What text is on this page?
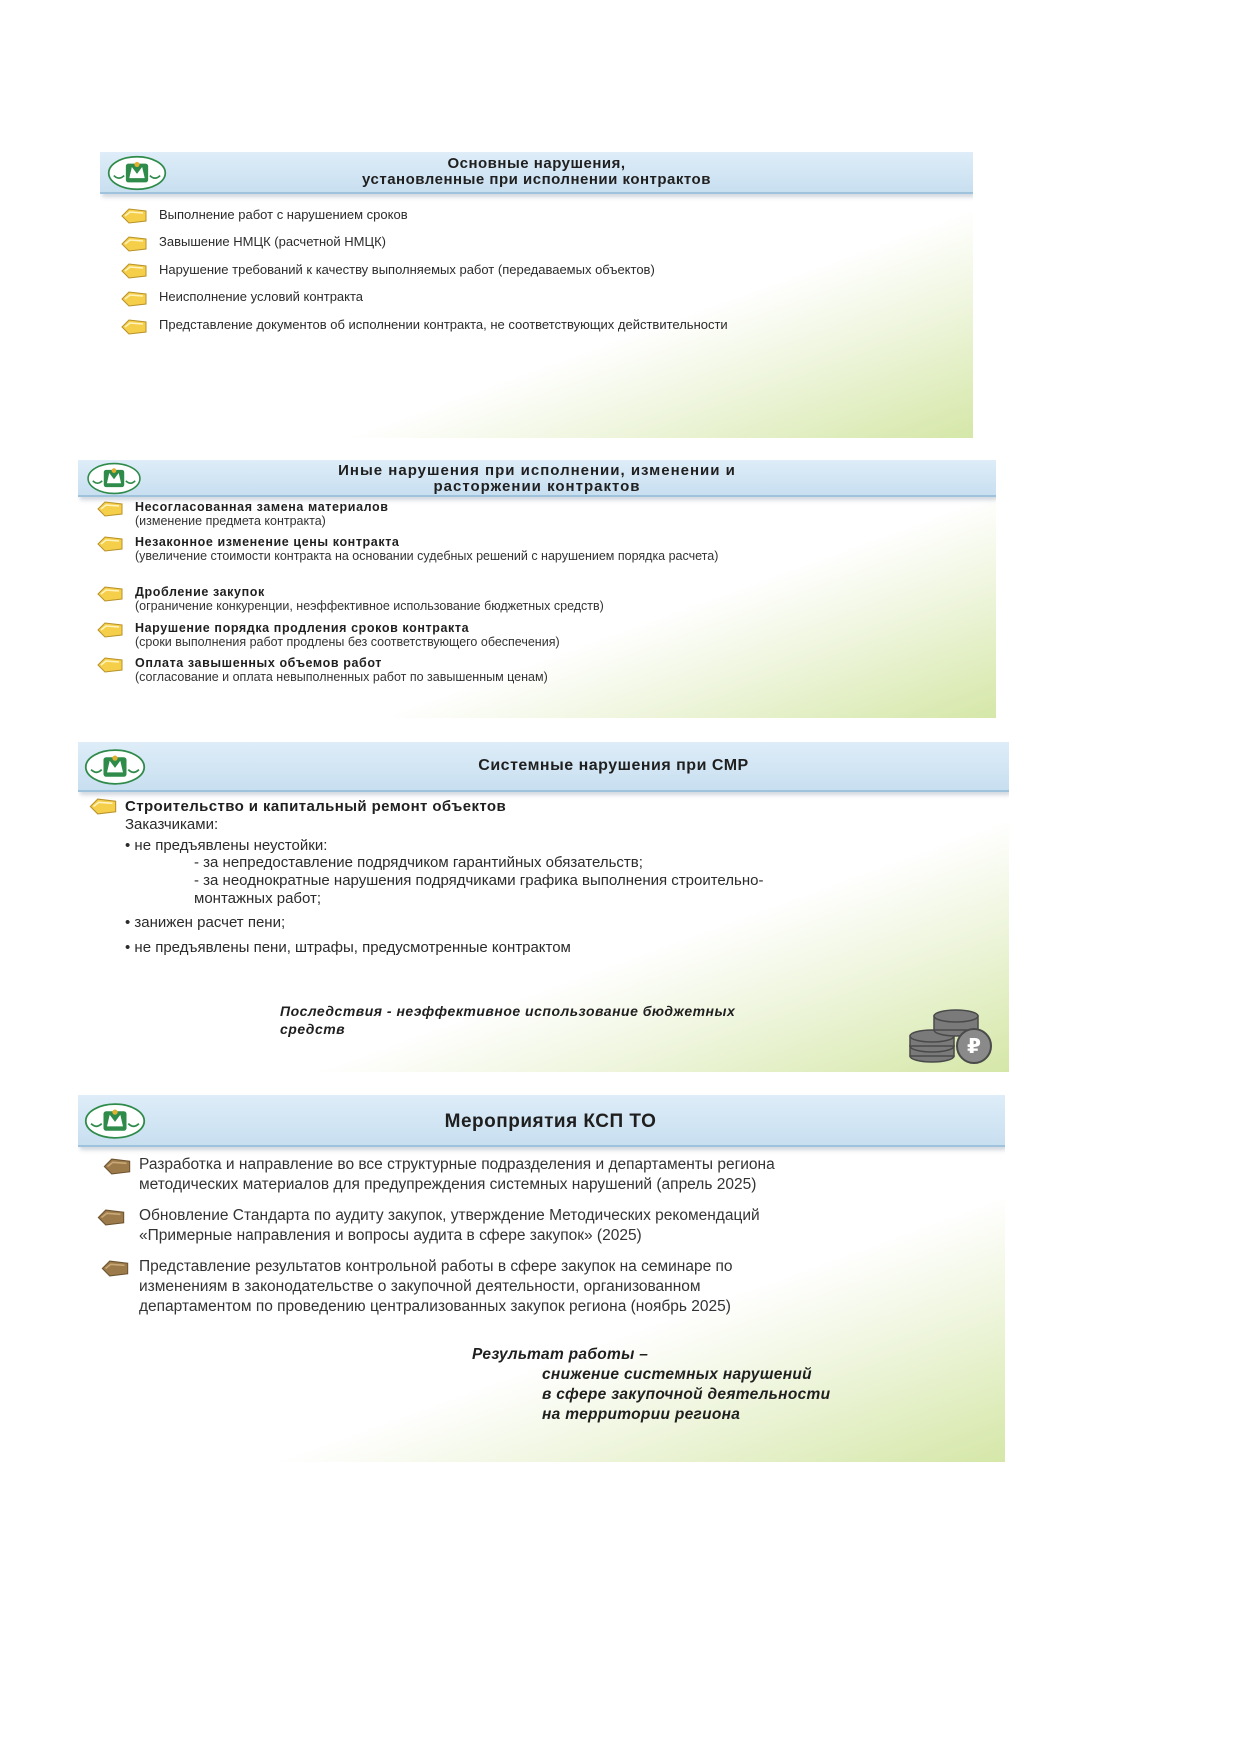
Основные нарушения,
установленные при исполнении контрактов
Выполнение работ с нарушением сроков
Завышение НМЦК (расчетной НМЦК)
Нарушение требований к качеству выполняемых работ (передаваемых объектов)
Неисполнение условий контракта
Представление документов об исполнении контракта, не соответствующих действительности
Иные нарушения при исполнении, изменении и
расторжении контрактов
Несогласованная замена материалов
(изменение предмета контракта)
Незаконное изменение цены контракта
(увеличение стоимости контракта на основании судебных решений с нарушением порядка расчета)
Дробление закупок
(ограничение конкуренции, неэффективное использование бюджетных средств)
Нарушение порядка продления сроков контракта
(сроки выполнения работ продлены без соответствующего обеспечения)
Оплата завышенных объемов работ
(согласование и оплата невыполненных работ по завышенным ценам)
Системные нарушения при СМР
Строительство и капитальный ремонт объектов
Заказчиками:
• не предъявлены неустойки:
- за непредоставление подрядчиком гарантийных обязательств;
- за неоднократные нарушения подрядчиками графика выполнения строительно-
монтажных работ;
• занижен расчет пени;
• не предъявлены пени, штрафы, предусмотренные контрактом
Последствия - неэффективное использование бюджетных
средств
₽
Мероприятия КСП ТО
Разработка и направление во все структурные подразделения и департаменты региона
методических материалов для предупреждения системных нарушений (апрель 2025)
Обновление Стандарта по аудиту закупок, утверждение Методических рекомендаций
«Примерные направления и вопросы аудита в сфере закупок» (2025)
Представление результатов контрольной работы в сфере закупок на семинаре по
изменениям в законодательстве о закупочной деятельности, организованном
департаментом по проведению централизованных закупок региона (ноябрь 2025)
Результат работы –
снижение системных нарушений
в сфере закупочной деятельности
на территории региона
